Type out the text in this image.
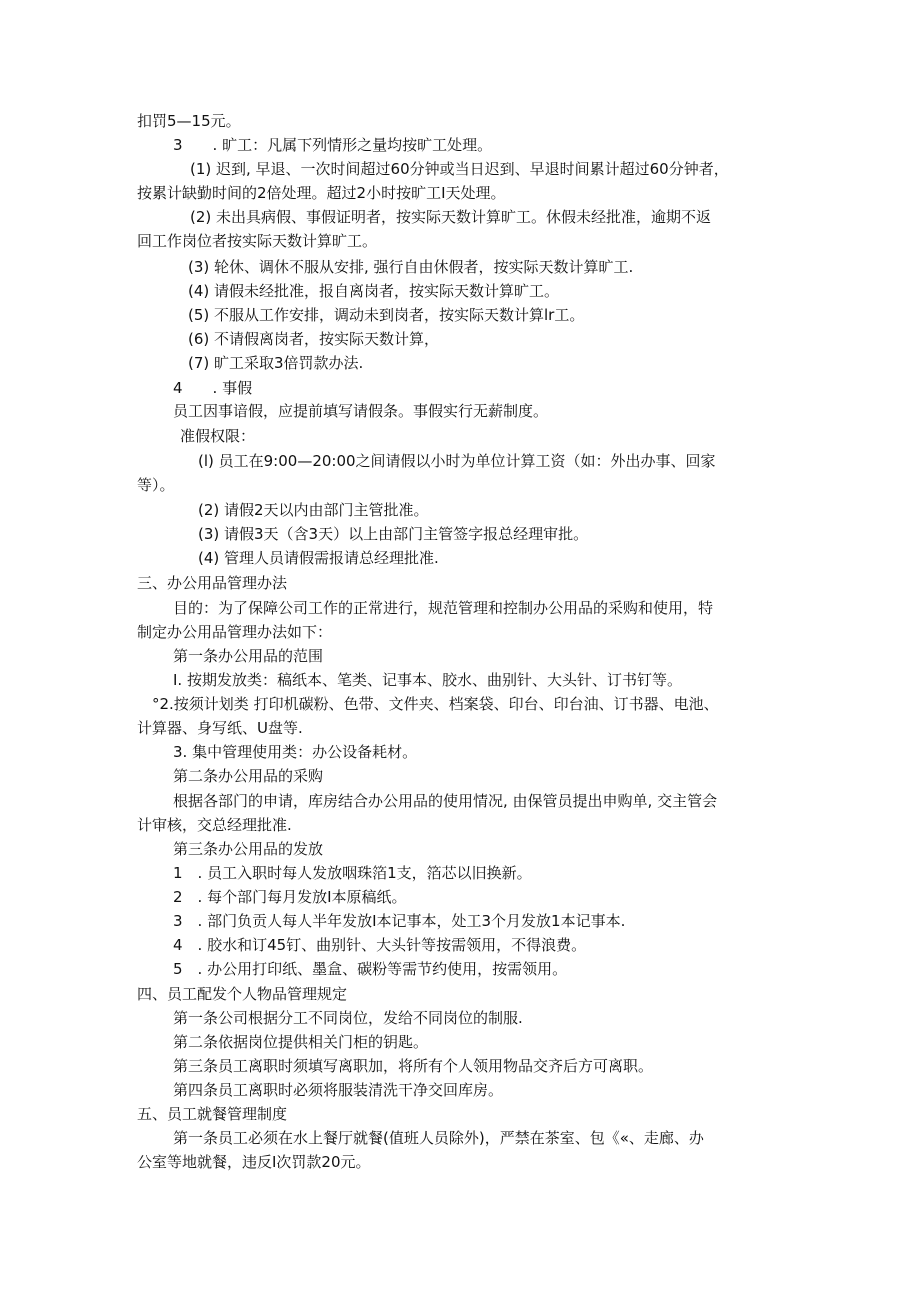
扣罚5—15元。
3　　. 旷工：凡属下列情形之量均按旷工处理。
(1) 迟到, 早退、一次时间超过60分钟或当日迟到、早退时间累计超过60分钟者，
按累计缺勤时间的2倍处理。超过2小时按旷工I天处理。
(2) 未出具病假、事假证明者，按实际天数计算旷工。休假未经批准，逾期不返
回工作岗位者按实际天数计算旷工。
(3) 轮休、调休不服从安排, 强行自由休假者，按实际天数计算旷工.
(4) 请假未经批准，报自离岗者，按实际天数计算旷工。
(5) 不服从工作安排，调动未到岗者，按实际天数计算lr工。
(6) 不请假离岗者，按实际天数计算，
(7) 旷工采取3倍罚款办法.
4　　. 事假
员工因事谙假，应提前填写请假条。事假实行无薪制度。
准假权限：
(l) 员工在9:00—20:00之间请假以小时为单位计算工资（如：外出办事、回家
等）。
(2) 请假2天以内由部门主管批准。
(3) 请假3天（含3天）以上由部门主管签字报总经理审批。
(4) 管理人员请假需报请总经理批准.
三、办公用品管理办法
目的：为了保障公司工作的正常进行，规范管理和控制办公用品的采购和使用，特
制定办公用品管理办法如下：
第一条办公用品的范围
I. 按期发放类：稿纸本、笔类、记事本、胶水、曲别针、大头针、订书钉等。
°2.按须计划类 打印机碳粉、色带、文件夹、档案袋、印台、印台油、订书器、电池、
计算器、身写纸、U盘等.
3. 集中管理使用类：办公设备耗材。
第二条办公用品的采购
根据各部门的申请，库房结合办公用品的使用情况, 由保管员提出申购单, 交主管会
计审核，交总经理批准.
第三条办公用品的发放
1　. 员工入职时每人发放咽珠箔1支，箔芯以旧换新。
2　. 每个部门每月发放I本原稿纸。
3　. 部门负贡人每人半年发放I本记事本，处工3个月发放1本记事本.
4　. 胶水和订45钉、曲别针、大头针等按需领用，不得浪费。
5　. 办公用打印纸、墨盒、碳粉等需节约使用，按需领用。
四、员工配发个人物品管理规定
第一条公司根据分工不同岗位，发给不同岗位的制服.
第二条依据岗位提供相关门柜的钥匙。
第三条员工离职时须填写离职加，将所有个人领用物品交齐后方可离职。
第四条员工离职时必须将服装清洗干净交回库房。
五、员工就餐管理制度
第一条员工必须在水上餐厅就餐(值班人员除外)，严禁在茶室、包《«、走廊、办
公室等地就餐，违反I次罚款20元。
